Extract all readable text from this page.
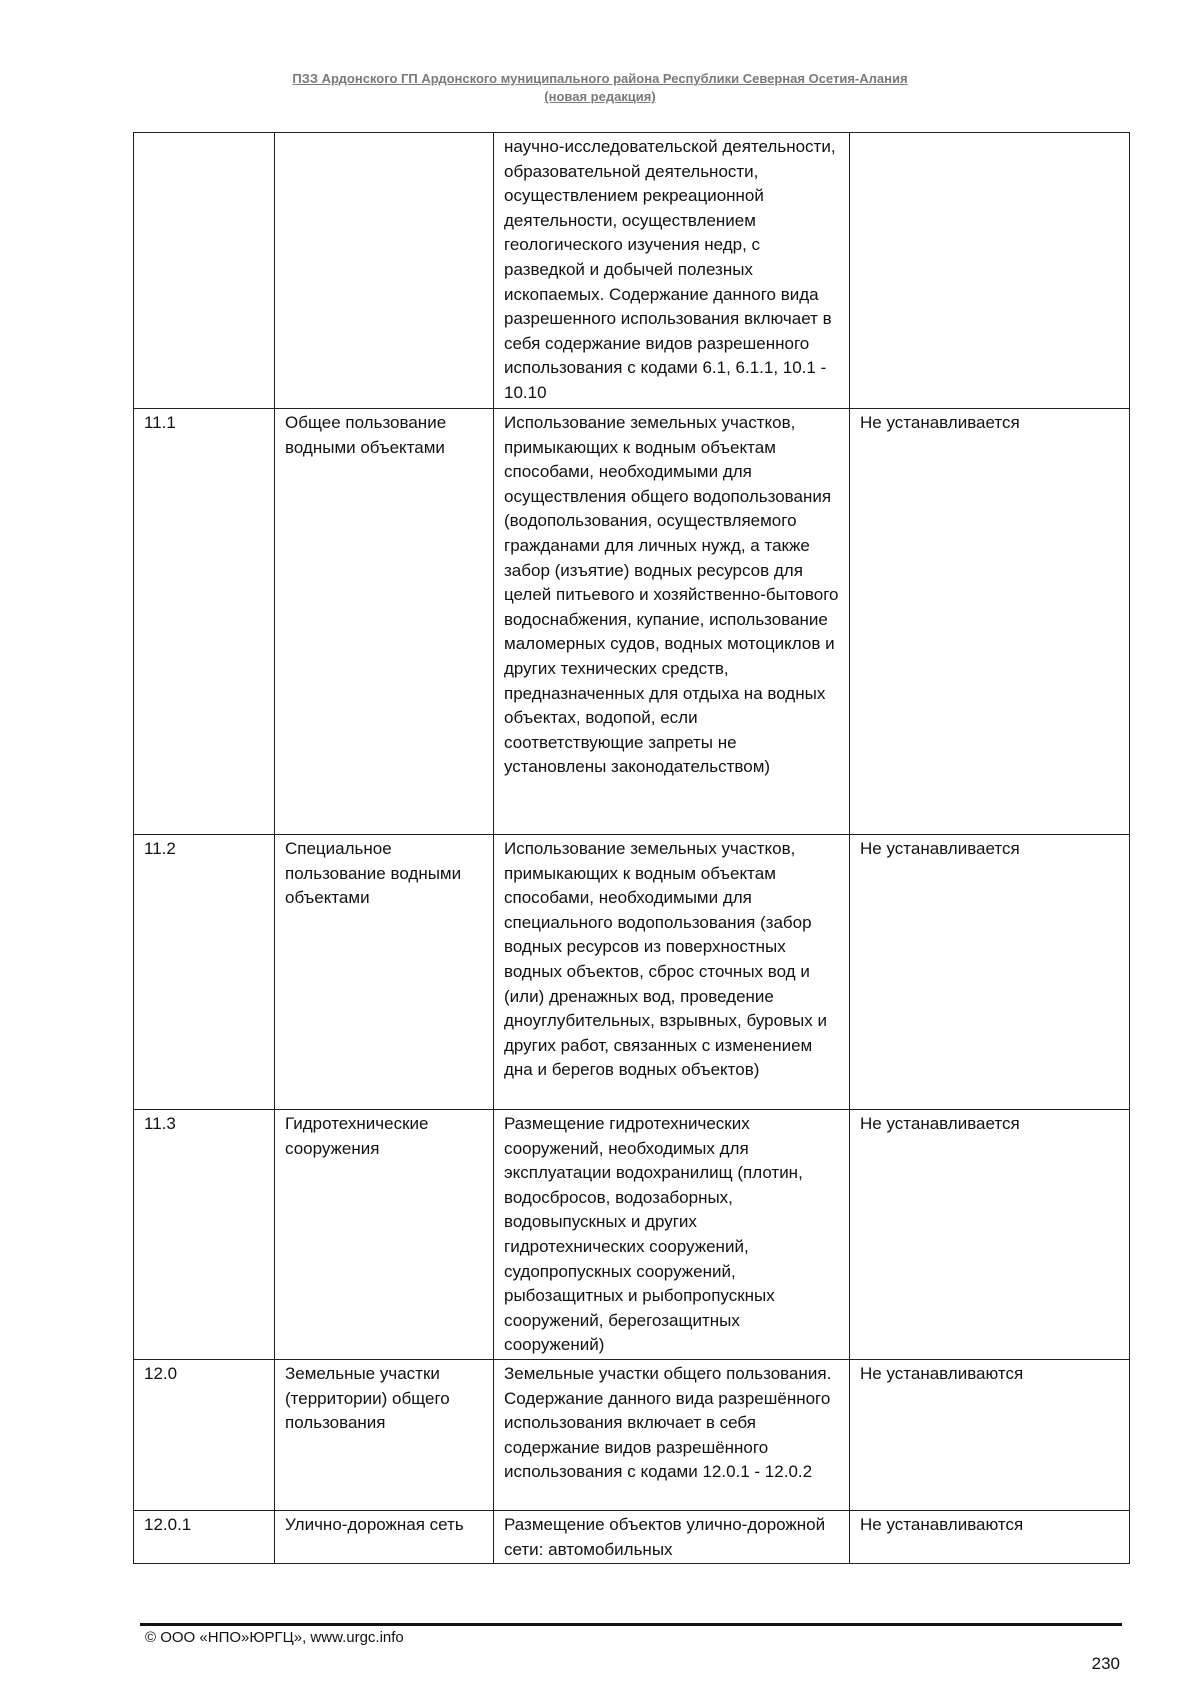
ПЗЗ Ардонского ГП Ардонского муниципального района Республики Северная Осетия-Алания
(новая редакция)
		научно-исследовательской деятельности, образовательной деятельности, осуществлением рекреационной деятельности, осуществлением геологического изучения недр, с разведкой и добычей полезных ископаемых. Содержание данного вида разрешенного использования включает в себя содержание видов разрешенного использования с кодами 6.1, 6.1.1, 10.1 - 10.10	
11.1	Общее пользование водными объектами	Использование земельных участков, примыкающих к водным объектам способами, необходимыми для осуществления общего водопользования (водопользования, осуществляемого гражданами для личных нужд, а также забор (изъятие) водных ресурсов для целей питьевого и хозяйственно-бытового водоснабжения, купание, использование маломерных судов, водных мотоциклов и других технических средств, предназначенных для отдыха на водных объектах, водопой, если соответствующие запреты не установлены законодательством)	Не устанавливается
11.2	Специальное пользование водными объектами	Использование земельных участков, примыкающих к водным объектам способами, необходимыми для специального водопользования (забор водных ресурсов из поверхностных водных объектов, сброс сточных вод и (или) дренажных вод, проведение дноуглубительных, взрывных, буровых и других работ, связанных с изменением дна и берегов водных объектов)	Не устанавливается
11.3	Гидротехнические сооружения	Размещение гидротехнических сооружений, необходимых для эксплуатации водохранилищ (плотин, водосбросов, водозаборных, водовыпускных и других гидротехнических сооружений, судопропускных сооружений, рыбозащитных и рыбопропускных сооружений, берегозащитных сооружений)	Не устанавливается
12.0	Земельные участки (территории) общего пользования	Земельные участки общего пользования. Содержание данного вида разрешённого использования включает в себя содержание видов разрешённого использования с кодами 12.0.1 - 12.0.2	Не устанавливаются
12.0.1	Улично-дорожная сеть	Размещение объектов улично-дорожной сети: автомобильных	Не устанавливаются
© ООО «НПО»ЮРГЦ», www.urgc.info
230
